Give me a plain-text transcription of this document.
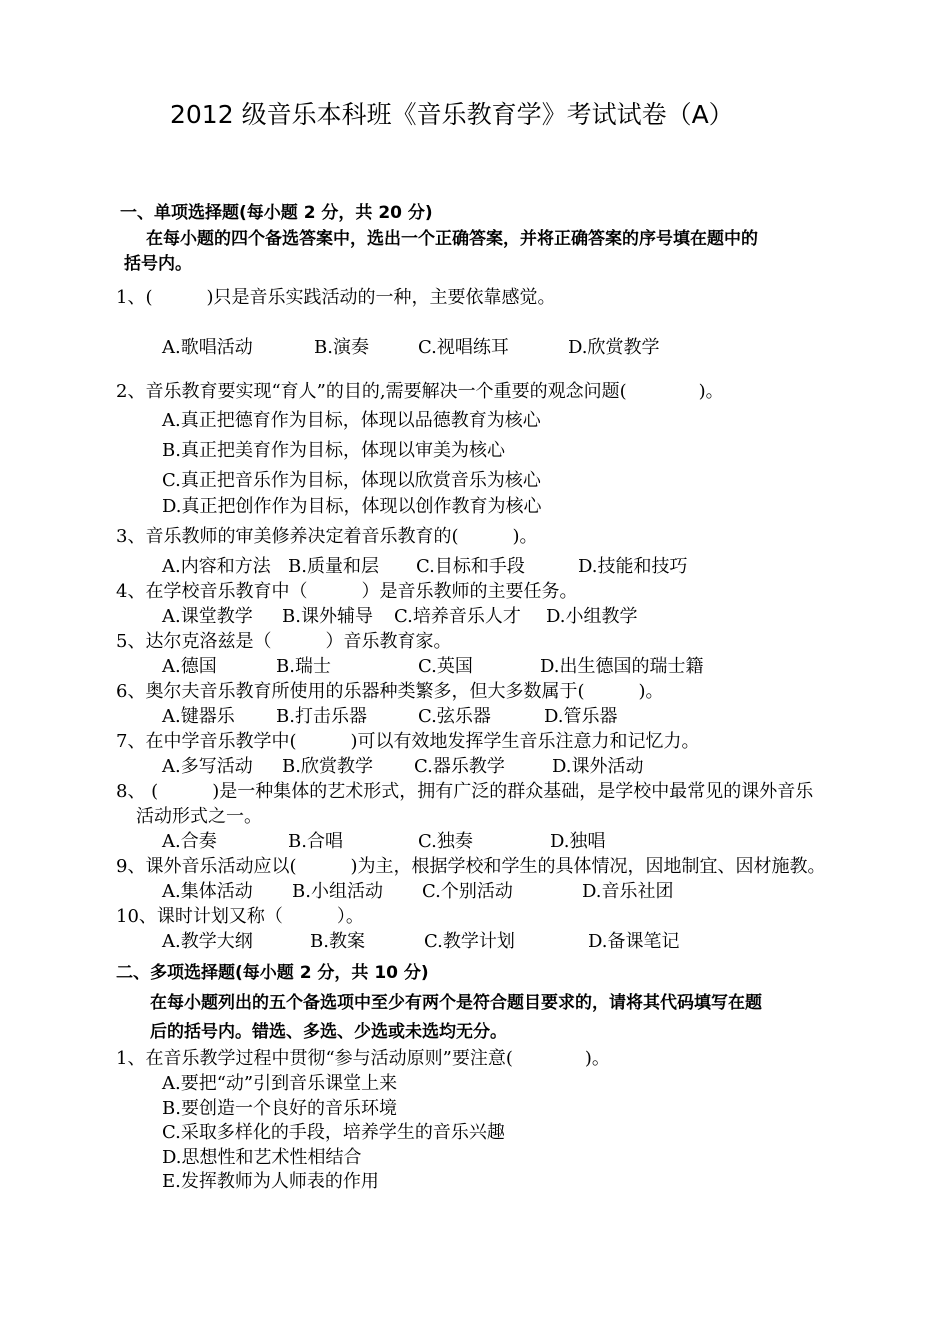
2012 级音乐本科班《音乐教育学》考试试卷（A）
一、单项选择题(每小题 2 分，共 20 分)
在每小题的四个备选答案中，选出一个正确答案，并将正确答案的序号填在题中的
括号内。
1、(　　　)只是音乐实践活动的一种，主要依靠感觉。
A.歌唱活动	B.演奏	C.视唱练耳	D.欣赏教学
2、音乐教育要实现“育人”的目的,需要解决一个重要的观念问题(　　　　)。
A.真正把德育作为目标，体现以品德教育为核心
B.真正把美育作为目标，体现以审美为核心
C.真正把音乐作为目标，体现以欣赏音乐为核心
D.真正把创作作为目标，体现以创作教育为核心
3、音乐教师的审美修养决定着音乐教育的(　　　)。
A.内容和方法 B.质量和层 C.目标和手段	D.技能和技巧
4、在学校音乐教育中（　　　）是音乐教师的主要任务。
A.课堂教学 B.课外辅导 C.培养音乐人才 D.小组教学
5、达尔克洛兹是（　　　）音乐教育家。
A.德国	B.瑞士	C.英国	D.出生德国的瑞士籍
6、奥尔夫音乐教育所使用的乐器种类繁多，但大多数属于(　　　)。
A.键器乐 B.打击乐器	C.弦乐器	D.管乐器
7、在中学音乐教学中(　　　)可以有效地发挥学生音乐注意力和记忆力。
A.多写活动 B.欣赏教学 C.器乐教学	D.课外活动
8、 (　　　)是一种集体的艺术形式，拥有广泛的群众基础，是学校中最常见的课外音乐
活动形式之一。
A.合奏	B.合唱	C.独奏	D.独唱
9、课外音乐活动应以(　　　)为主，根据学校和学生的具体情况，因地制宜、因材施教。
A.集体活动 B.小组活动 C.个别活动	D.音乐社团
10、课时计划又称（　　　）。
A.教学大纲	B.教案	C.教学计划	D.备课笔记
二、多项选择题(每小题 2 分，共 10 分)
在每小题列出的五个备选项中至少有两个是符合题目要求的，请将其代码填写在题
后的括号内。错选、多选、少选或未选均无分。
1、在音乐教学过程中贯彻“参与活动原则”要注意(　　　　)。
A.要把“动”引到音乐课堂上来
B.要创造一个良好的音乐环境
C.采取多样化的手段，培养学生的音乐兴趣
D.思想性和艺术性相结合
E.发挥教师为人师表的作用
